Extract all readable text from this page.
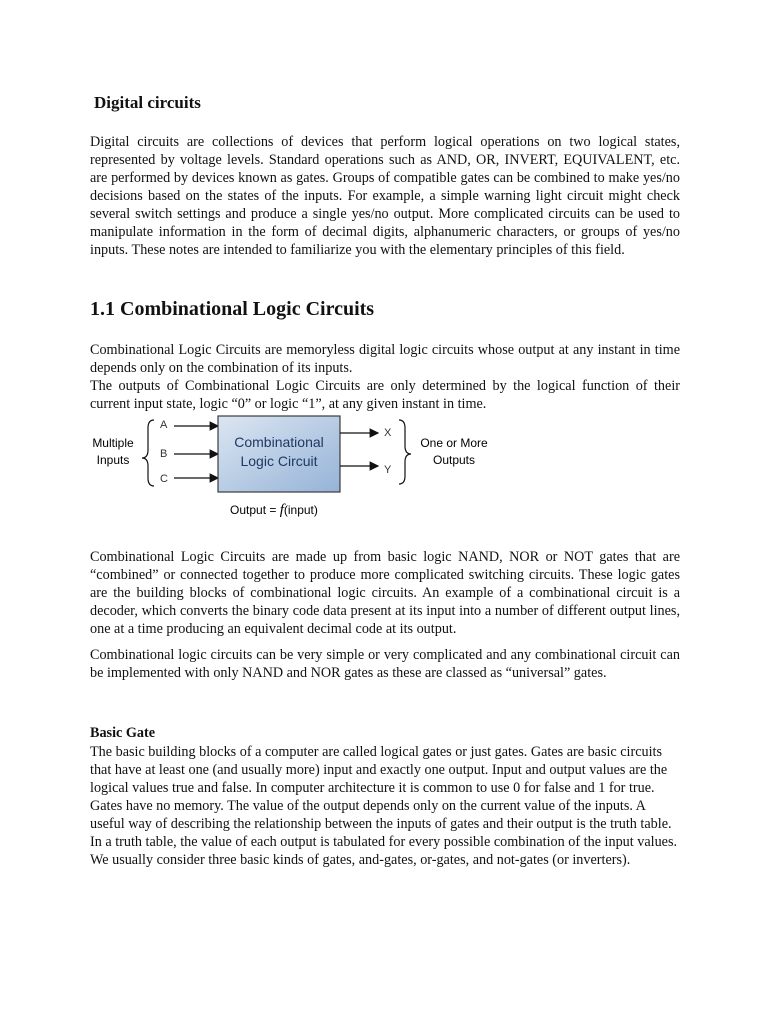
Digital circuits

Digital circuits are collections of devices that perform logical operations on two logical states, represented by voltage levels. Standard operations such as AND, OR, INVERT, EQUIVALENT, etc. are performed by devices known as gates. Groups of compatible gates can be combined to make yes/no decisions based on the states of the inputs. For example, a simple warning light circuit might check several switch settings and produce a single yes/no output. More complicated circuits can be used to manipulate information in the form of decimal digits, alphanumeric characters, or groups of yes/no inputs. These notes are intended to familiarize you with the elementary principles of this field.

1.1 Combinational Logic Circuits

Combinational Logic Circuits are memoryless digital logic circuits whose output at any instant in time depends only on the combination of its inputs.

The outputs of Combinational Logic Circuits are only determined by the logical function of their current input state, logic “0” or logic “1”, at any given instant in time.

Multiple
Inputs
A
B
C
Combinational
Logic Circuit
X
Y
One or More
Outputs
Output = f(input)

Combinational Logic Circuits are made up from basic logic NAND, NOR or NOT gates that are “combined” or connected together to produce more complicated switching circuits. These logic gates are the building blocks of combinational logic circuits. An example of a combinational circuit is a decoder, which converts the binary code data present at its input into a number of different output lines, one at a time producing an equivalent decimal code at its output.

Combinational logic circuits can be very simple or very complicated and any combinational circuit can be implemented with only NAND and NOR gates as these are classed as “universal” gates.

Basic Gate

The basic building blocks of a computer are called logical gates or just gates. Gates are basic circuits that have at least one (and usually more) input and exactly one output. Input and output values are the logical values true and false. In computer architecture it is common to use 0 for false and 1 for true. Gates have no memory. The value of the output depends only on the current value of the inputs. A useful way of describing the relationship between the inputs of gates and their output is the truth table. In a truth table, the value of each output is tabulated for every possible combination of the input values. We usually consider three basic kinds of gates, and-gates, or-gates, and not-gates (or inverters).
